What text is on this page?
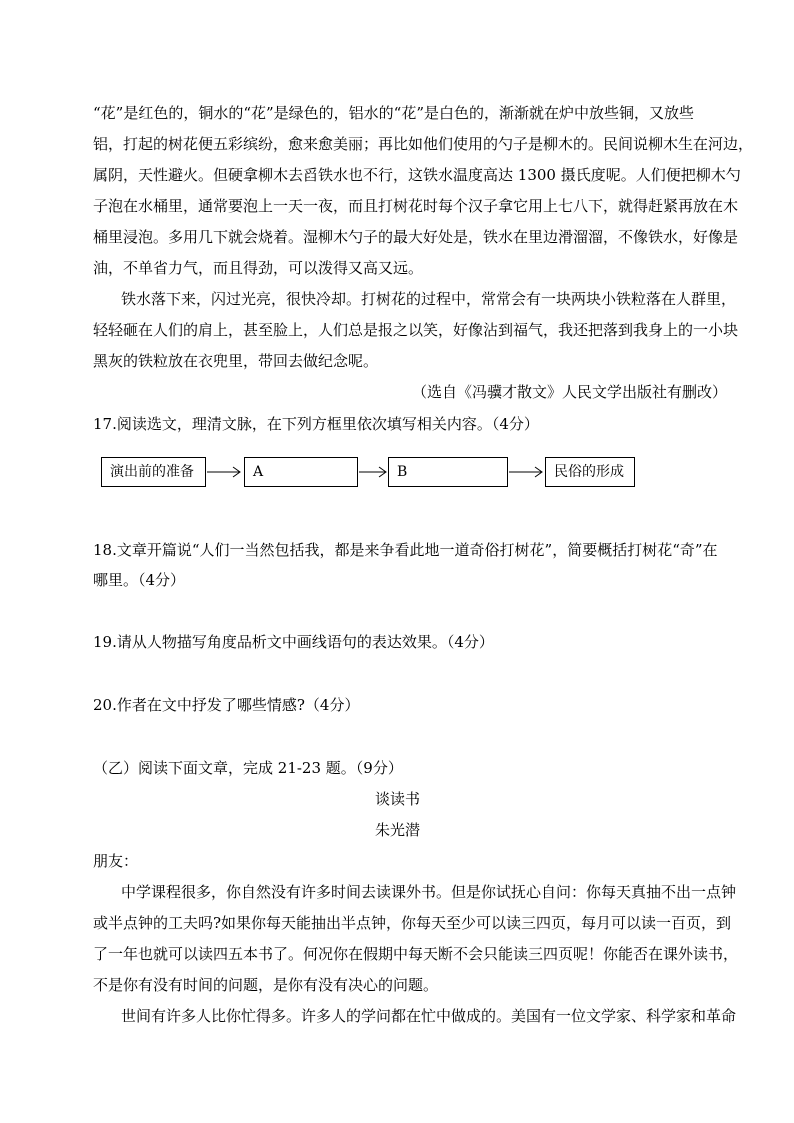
“花”是红色的，铜水的“花”是绿色的，铝水的“花”是白色的，渐渐就在炉中放些铜，又放些
铝，打起的树花便五彩缤纷，愈来愈美丽；再比如他们使用的勺子是柳木的。民间说柳木生在河边，
属阴，天性避火。但硬拿柳木去舀铁水也不行，这铁水温度高达 1300 摄氏度呢。人们便把柳木勺
子泡在水桶里，通常要泡上一天一夜，而且打树花时每个汉子拿它用上七八下，就得赶紧再放在木
桶里浸泡。多用几下就会烧着。湿柳木勺子的最大好处是，铁水在里边滑溜溜，不像铁水，好像是
油，不单省力气，而且得劲，可以泼得又高又远。
铁水落下来，闪过光亮，很快冷却。打树花的过程中，常常会有一块两块小铁粒落在人群里，
轻轻砸在人们的肩上，甚至脸上，人们总是报之以笑，好像沾到福气，我还把落到我身上的一小块
黑灰的铁粒放在衣兜里，带回去做纪念呢。
（选自《冯骥才散文》人民文学出版社有删改）
17.阅读选文，理清文脉，在下列方框里依次填写相关内容。（4分）
演出前的准备	A	B	民俗的形成
18.文章开篇说“人们一当然包括我，都是来争看此地一道奇俗打树花”，简要概括打树花“奇”在
哪里。（4分）
19.请从人物描写角度品析文中画线语句的表达效果。（4分）
20.作者在文中抒发了哪些情感?（4分）
（乙）阅读下面文章，完成 21-23 题。（9分）
谈读书
朱光潜
朋友：
中学课程很多，你自然没有许多时间去读课外书。但是你试抚心自问：你每天真抽不出一点钟
或半点钟的工夫吗?如果你每天能抽出半点钟，你每天至少可以读三四页，每月可以读一百页，到
了一年也就可以读四五本书了。何况你在假期中每天断不会只能读三四页呢！你能否在课外读书，
不是你有没有时间的问题，是你有没有决心的问题。
世间有许多人比你忙得多。许多人的学问都在忙中做成的。美国有一位文学家、科学家和革命
